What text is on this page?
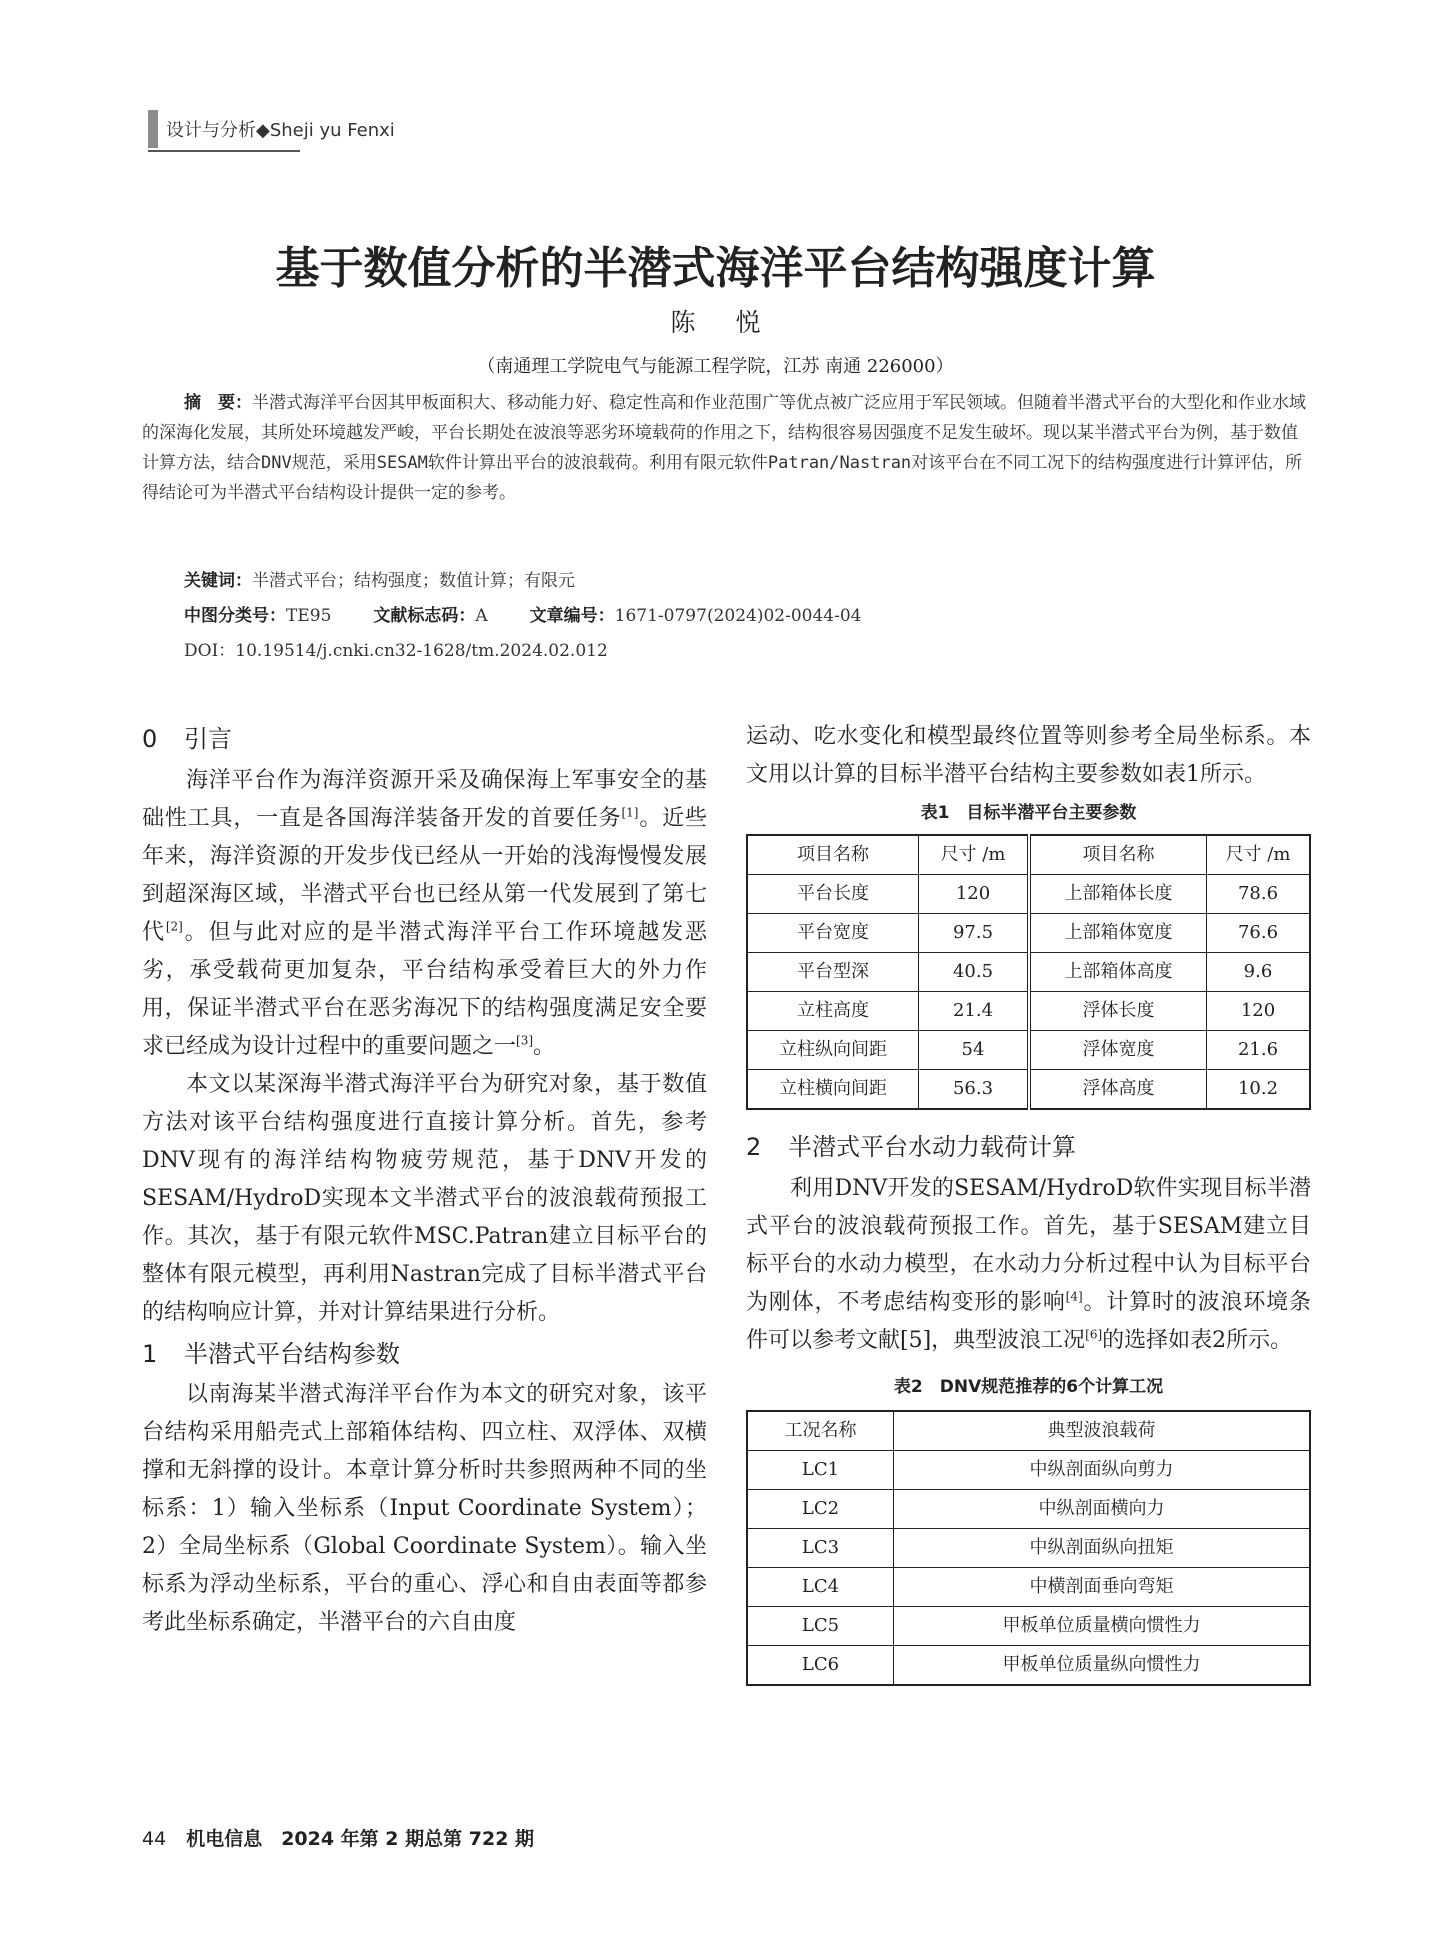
设计与分析◆Sheji yu Fenxi
基于数值分析的半潜式海洋平台结构强度计算
陈悦
（南通理工学院电气与能源工程学院，江苏 南通 226000）
摘　要：半潜式海洋平台因其甲板面积大、移动能力好、稳定性高和作业范围广等优点被广泛应用于军民领域。但随着半潜式平台的大型化和作业水域的深海化发展，其所处环境越发严峻，平台长期处在波浪等恶劣环境载荷的作用之下，结构很容易因强度不足发生破坏。现以某半潜式平台为例，基于数值计算方法，结合DNV规范，采用SESAM软件计算出平台的波浪载荷。利用有限元软件Patran/Nastran对该平台在不同工况下的结构强度进行计算评估，所得结论可为半潜式平台结构设计提供一定的参考。
关键词：半潜式平台；结构强度；数值计算；有限元
中图分类号：TE95 文献标志码：A 文章编号：1671-0797(2024)02-0044-04
DOI：10.19514/j.cnki.cn32-1628/tm.2024.02.012
0 引言

海洋平台作为海洋资源开采及确保海上军事安全的基础性工具，一直是各国海洋装备开发的首要任务[1]。近些年来，海洋资源的开发步伐已经从一开始的浅海慢慢发展到超深海区域，半潜式平台也已经从第一代发展到了第七代[2]。但与此对应的是半潜式海洋平台工作环境越发恶劣，承受载荷更加复杂，平台结构承受着巨大的外力作用，保证半潜式平台在恶劣海况下的结构强度满足安全要求已经成为设计过程中的重要问题之一[3]。

本文以某深海半潜式海洋平台为研究对象，基于数值方法对该平台结构强度进行直接计算分析。首先，参考DNV现有的海洋结构物疲劳规范，基于DNV开发的SESAM/HydroD实现本文半潜式平台的波浪载荷预报工作。其次，基于有限元软件MSC.Patran建立目标平台的整体有限元模型，再利用Nastran完成了目标半潜式平台的结构响应计算，并对计算结果进行分析。

1 半潜式平台结构参数

以南海某半潜式海洋平台作为本文的研究对象，该平台结构采用船壳式上部箱体结构、四立柱、双浮体、双横撑和无斜撑的设计。本章计算分析时共参照两种不同的坐标系：1）输入坐标系（Input Coordinate System）；2）全局坐标系（Global Coordinate System）。输入坐标系为浮动坐标系，平台的重心、浮心和自由表面等都参考此坐标系确定，半潜平台的六自由度

运动、吃水变化和模型最终位置等则参考全局坐标系。本文用以计算的目标半潜平台结构主要参数如表1所示。

表1　目标半潜平台主要参数
项目名称	尺寸 /m	项目名称	尺寸 /m
平台长度	120	上部箱体长度	78.6
平台宽度	97.5	上部箱体宽度	76.6
平台型深	40.5	上部箱体高度	9.6
立柱高度	21.4	浮体长度	120
立柱纵向间距	54	浮体宽度	21.6
立柱横向间距	56.3	浮体高度	10.2
2 半潜式平台水动力载荷计算

利用DNV开发的SESAM/HydroD软件实现目标半潜式平台的波浪载荷预报工作。首先，基于SESAM建立目标平台的水动力模型，在水动力分析过程中认为目标平台为刚体，不考虑结构变形的影响[4]。计算时的波浪环境条件可以参考文献[5]，典型波浪工况[6]的选择如表2所示。

表2　DNV规范推荐的6个计算工况
工况名称	典型波浪载荷
LC1	中纵剖面纵向剪力
LC2	中纵剖面横向力
LC3	中纵剖面纵向扭矩
LC4	中横剖面垂向弯矩
LC5	甲板单位质量横向惯性力
LC6	甲板单位质量纵向惯性力
44 机电信息　2024 年第 2 期总第 722 期
